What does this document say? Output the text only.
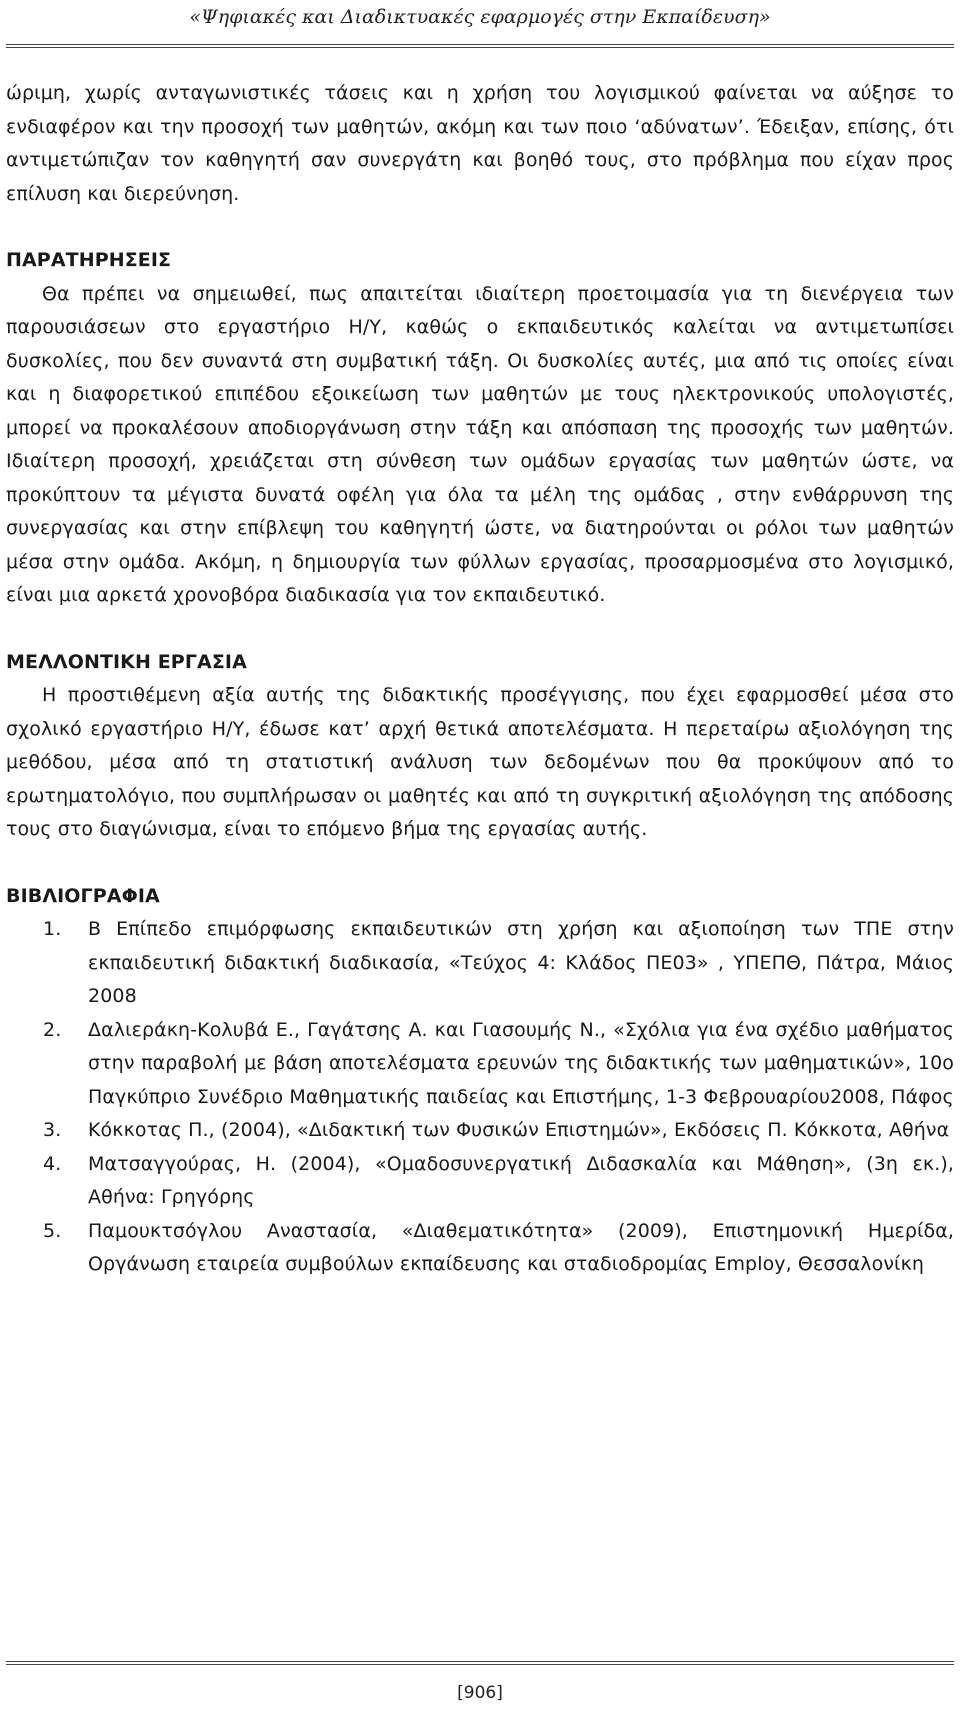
«Ψηφιακές και Διαδικτυακές εφαρμογές στην Εκπαίδευση»

ώριμη, χωρίς ανταγωνιστικές τάσεις και η χρήση του λογισμικού φαίνεται να αύξησε το ενδιαφέρον και την προσοχή των μαθητών, ακόμη και των ποιο ‘αδύνατων’. Έδειξαν, επίσης, ότι αντιμετώπιζαν τον καθηγητή σαν συνεργάτη και βοηθό τους, στο πρόβλημα που είχαν προς επίλυση και διερεύνηση.

ΠΑΡΑΤΗΡΗΣΕΙΣ

Θα πρέπει να σημειωθεί, πως απαιτείται ιδιαίτερη προετοιμασία για τη διενέργεια των παρουσιάσεων στο εργαστήριο Η/Υ, καθώς ο εκπαιδευτικός καλείται να αντιμετωπίσει δυσκολίες, που δεν συναντά στη συμβατική τάξη. Οι δυσκολίες αυτές, μια από τις οποίες είναι και η διαφορετικού επιπέδου εξοικείωση των μαθητών με τους ηλεκτρονικούς υπολογιστές, μπορεί να προκαλέσουν αποδιοργάνωση στην τάξη και απόσπαση της προσοχής των μαθητών. Ιδιαίτερη προσοχή, χρειάζεται στη σύνθεση των ομάδων εργασίας των μαθητών ώστε, να προκύπτουν τα μέγιστα δυνατά οφέλη για όλα τα μέλη της ομάδας , στην ενθάρρυνση της συνεργασίας και στην επίβλεψη του καθηγητή ώστε, να διατηρούνται οι ρόλοι των μαθητών μέσα στην ομάδα. Ακόμη, η δημιουργία των φύλλων εργασίας, προσαρμοσμένα στο λογισμικό, είναι μια αρκετά χρονοβόρα διαδικασία για τον εκπαιδευτικό.

ΜΕΛΛΟΝΤΙΚΗ ΕΡΓΑΣΙΑ

Η προστιθέμενη αξία αυτής της διδακτικής προσέγγισης, που έχει εφαρμοσθεί μέσα στο σχολικό εργαστήριο Η/Υ, έδωσε κατ’ αρχή θετικά αποτελέσματα. Η περεταίρω αξιολόγηση της μεθόδου, μέσα από τη στατιστική ανάλυση των δεδομένων που θα προκύψουν από το ερωτηματολόγιο, που συμπλήρωσαν οι μαθητές και από τη συγκριτική αξιολόγηση της απόδοσης τους στο διαγώνισμα, είναι το επόμενο βήμα της εργασίας αυτής.

ΒΙΒΛΙΟΓΡΑΦΙΑ
1. Β Επίπεδο επιμόρφωσης εκπαιδευτικών στη χρήση και αξιοποίηση των ΤΠΕ στην εκπαιδευτική διδακτική διαδικασία, «Τεύχος 4: Κλάδος ΠΕ03» , ΥΠΕΠΘ, Πάτρα, Μάιος 2008
2. Δαλιεράκη-Κολυβά Ε., Γαγάτσης Α. και Γιασουμής Ν., «Σχόλια για ένα σχέδιο μαθήματος στην παραβολή με βάση αποτελέσματα ερευνών της διδακτικής των μαθηματικών», 10ο Παγκύπριο Συνέδριο Μαθηματικής παιδείας και Επιστήμης, 1-3 Φεβρουαρίου2008, Πάφος
3. Κόκκοτας Π., (2004), «Διδακτική των Φυσικών Επιστημών», Εκδόσεις Π. Κόκκοτα, Αθήνα
4. Ματσαγγούρας, Η. (2004), «Ομαδοσυνεργατική Διδασκαλία και Μάθηση», (3η εκ.), Αθήνα: Γρηγόρης
5. Παμουκτσόγλου Αναστασία, «Διαθεματικότητα» (2009), Επιστημονική Ημερίδα, Οργάνωση εταιρεία συμβούλων εκπαίδευσης και σταδιοδρομίας Employ, Θεσσαλονίκη
[906]
